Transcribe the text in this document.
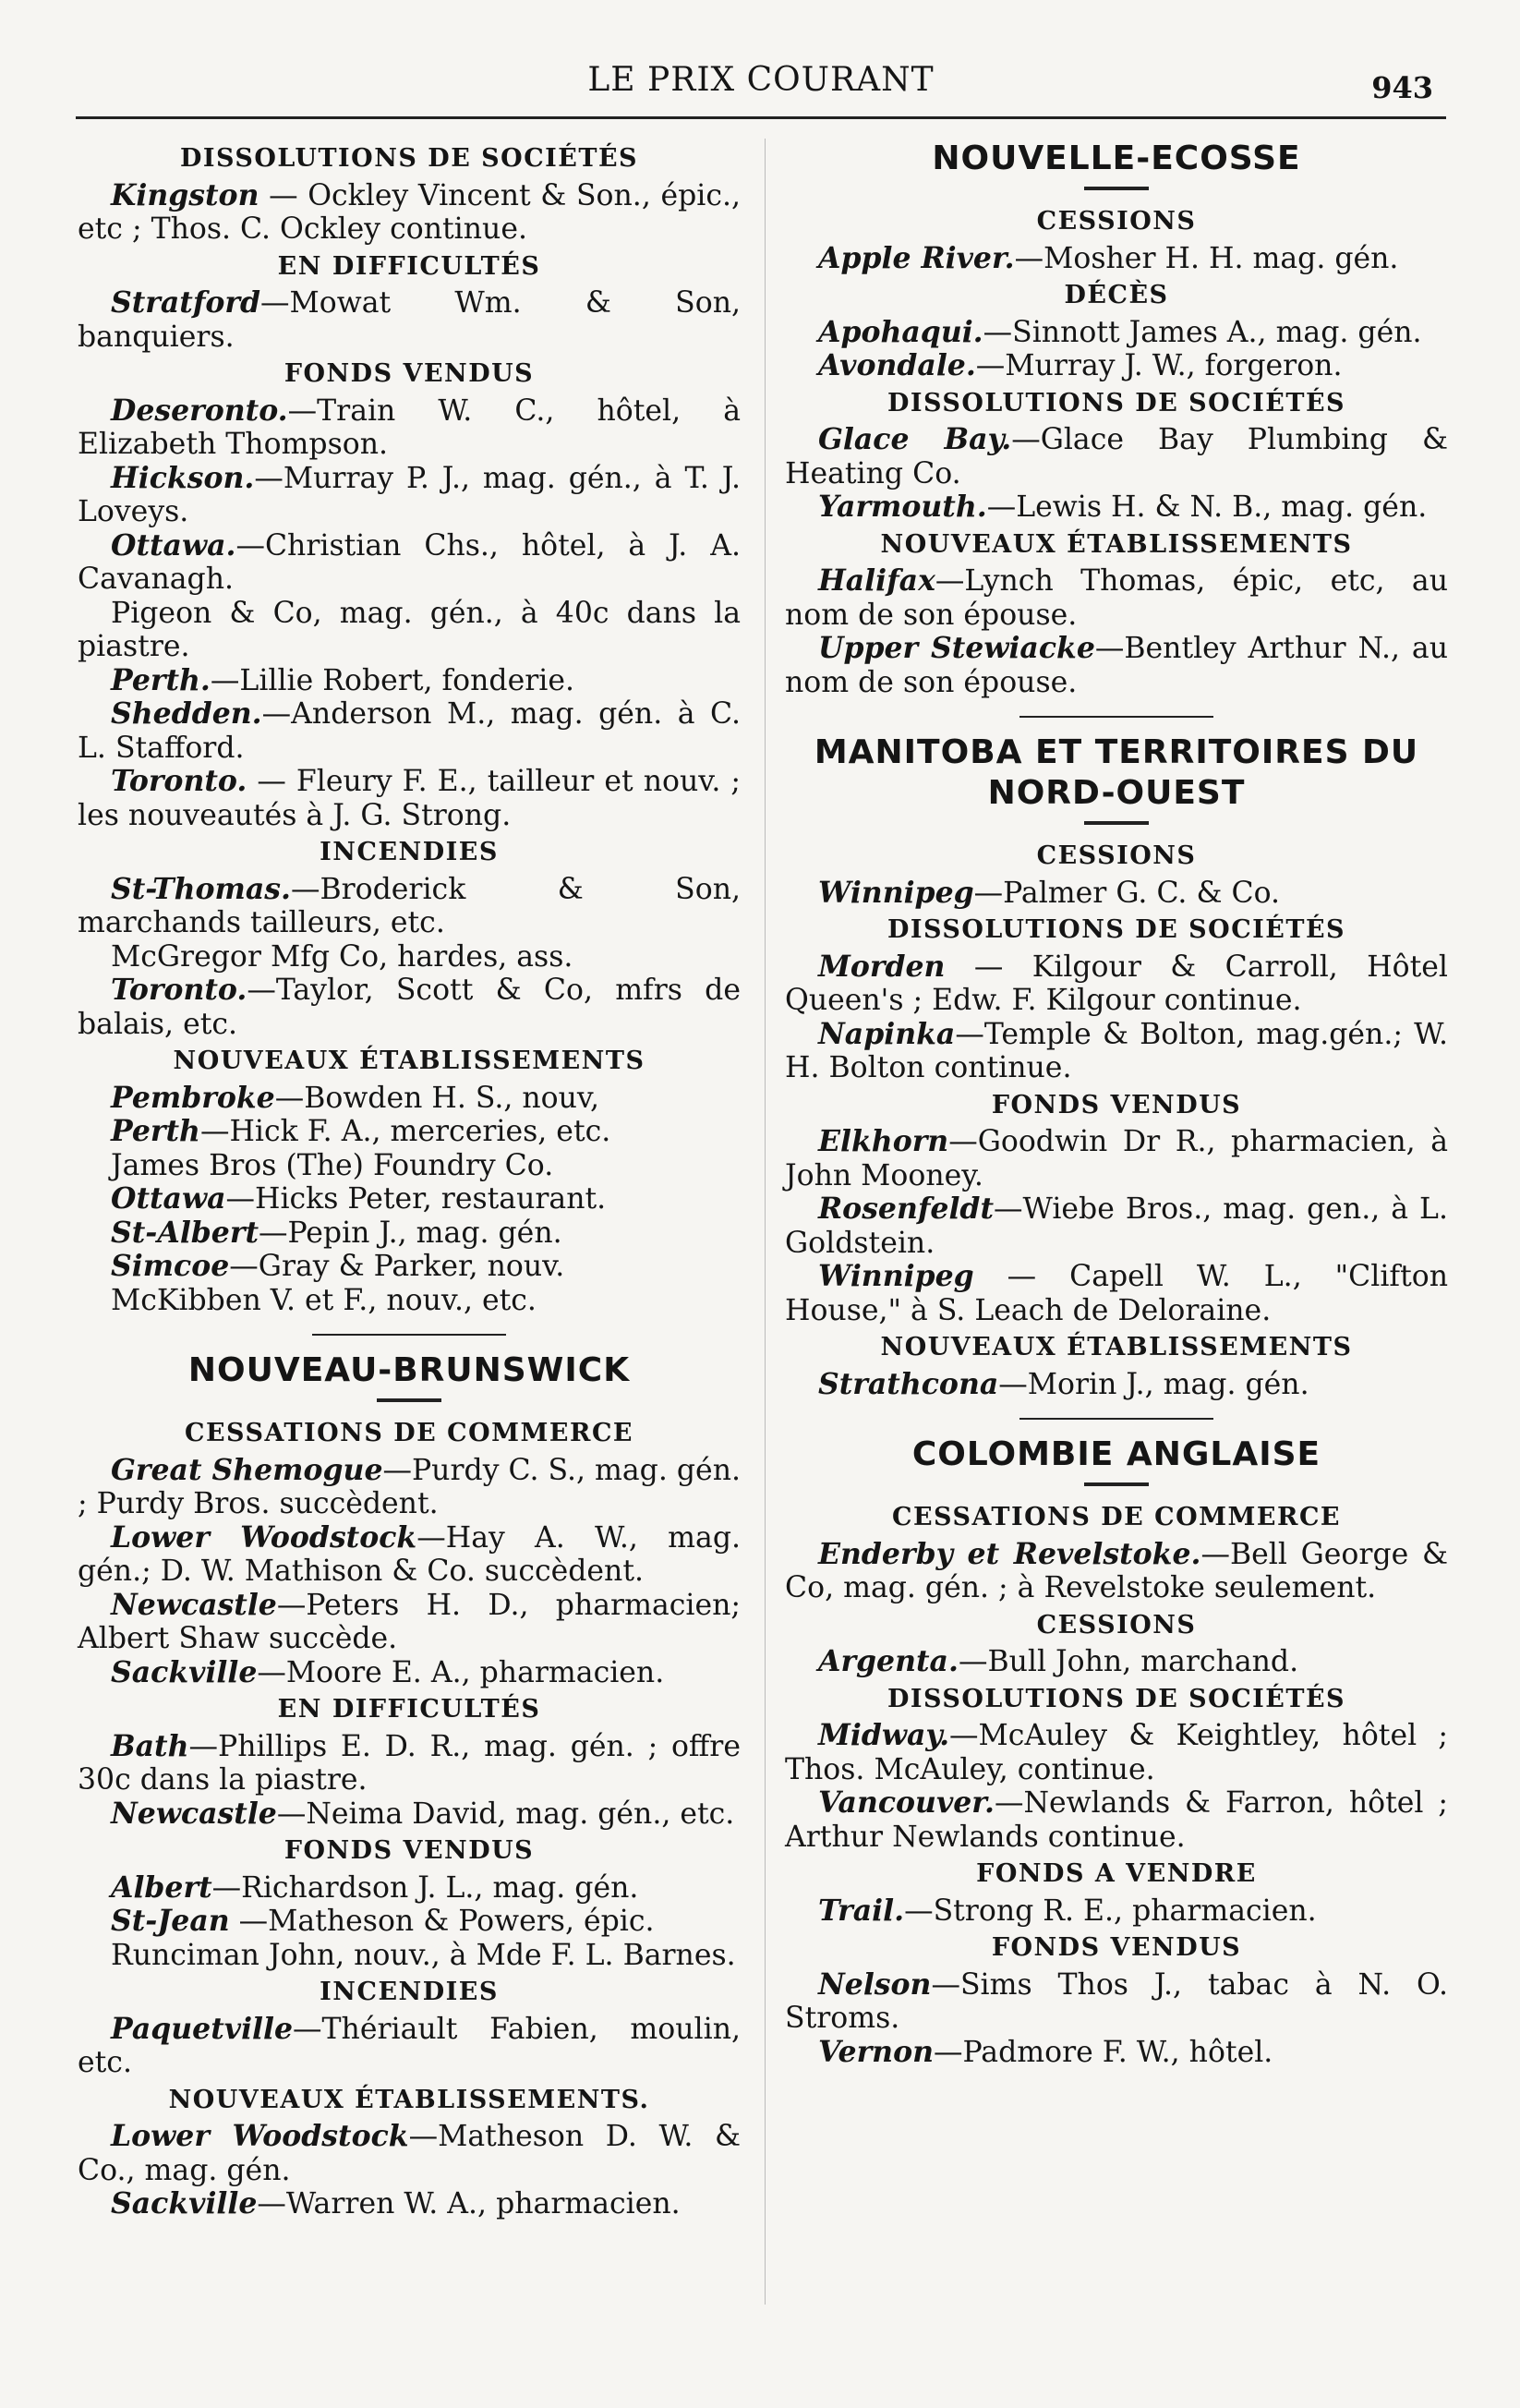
LE PRIX COURANT	943
DISSOLUTIONS DE SOCIÉTÉS

Kingston — Ockley Vincent & Son., épic., etc ; Thos. C. Ockley continue.

EN DIFFICULTÉS

Stratford—Mowat Wm. & Son, banquiers.

FONDS VENDUS

Deseronto.—Train W. C., hôtel, à Elizabeth Thompson.

Hickson.—Murray P. J., mag. gén., à T. J. Loveys.

Ottawa.—Christian Chs., hôtel, à J. A. Cavanagh.

Pigeon & Co, mag. gén., à 40c dans la piastre.

Perth.—Lillie Robert, fonderie.

Shedden.—Anderson M., mag. gén. à C. L. Stafford.

Toronto. — Fleury F. E., tailleur et nouv. ; les nouveautés à J. G. Strong.

INCENDIES

St-Thomas.—Broderick & Son, marchands tailleurs, etc.

McGregor Mfg Co, hardes, ass.

Toronto.—Taylor, Scott & Co, mfrs de balais, etc.

NOUVEAUX ÉTABLISSEMENTS

Pembroke—Bowden H. S., nouv,

Perth—Hick F. A., merceries, etc.

James Bros (The) Foundry Co.

Ottawa—Hicks Peter, restaurant.

St-Albert—Pepin J., mag. gén.

Simcoe—Gray & Parker, nouv.

McKibben V. et F., nouv., etc.

NOUVEAU-BRUNSWICK
CESSATIONS DE COMMERCE

Great Shemogue—Purdy C. S., mag. gén. ; Purdy Bros. succèdent.

Lower Woodstock—Hay A. W., mag. gén.; D. W. Mathison & Co. succèdent.

Newcastle—Peters H. D., pharmacien; Albert Shaw succède.

Sackville—Moore E. A., pharmacien.

EN DIFFICULTÉS

Bath—Phillips E. D. R., mag. gén. ; offre 30c dans la piastre.

Newcastle—Neima David, mag. gén., etc.

FONDS VENDUS

Albert—Richardson J. L., mag. gén.

St-Jean —Matheson & Powers, épic.

Runciman John, nouv., à Mde F. L. Barnes.

INCENDIES

Paquetville—Thériault Fabien, moulin, etc.

NOUVEAUX ÉTABLISSEMENTS.

Lower Woodstock—Matheson D. W. & Co., mag. gén.

Sackville—Warren W. A., pharmacien.

NOUVELLE-ECOSSE
CESSIONS

Apple River.—Mosher H. H. mag. gén.

DÉCÈS

Apohaqui.—Sinnott James A., mag. gén.

Avondale.—Murray J. W., forgeron.

DISSOLUTIONS DE SOCIÉTÉS

Glace Bay.—Glace Bay Plumbing & Heating Co.

Yarmouth.—Lewis H. & N. B., mag. gén.

NOUVEAUX ÉTABLISSEMENTS

Halifax—Lynch Thomas, épic, etc, au nom de son épouse.

Upper Stewiacke—Bentley Arthur N., au nom de son épouse.

MANITOBA ET TERRITOIRES DU NORD-OUEST
CESSIONS

Winnipeg—Palmer G. C. & Co.

DISSOLUTIONS DE SOCIÉTÉS

Morden — Kilgour & Carroll, Hôtel Queen's ; Edw. F. Kilgour continue.

Napinka—Temple & Bolton, mag.gén.; W. H. Bolton continue.

FONDS VENDUS

Elkhorn—Goodwin Dr R., pharmacien, à John Mooney.

Rosenfeldt—Wiebe Bros., mag. gen., à L. Goldstein.

Winnipeg — Capell W. L., "Clifton House," à S. Leach de Deloraine.

NOUVEAUX ÉTABLISSEMENTS

Strathcona—Morin J., mag. gén.

COLOMBIE ANGLAISE
CESSATIONS DE COMMERCE

Enderby et Revelstoke.—Bell George & Co, mag. gén. ; à Revelstoke seulement.

CESSIONS

Argenta.—Bull John, marchand.

DISSOLUTIONS DE SOCIÉTÉS

Midway.—McAuley & Keightley, hôtel ; Thos. McAuley, continue.

Vancouver.—Newlands & Farron, hôtel ; Arthur Newlands continue.

FONDS A VENDRE

Trail.—Strong R. E., pharmacien.

FONDS VENDUS

Nelson—Sims Thos J., tabac à N. O. Stroms.

Vernon—Padmore F. W., hôtel.
